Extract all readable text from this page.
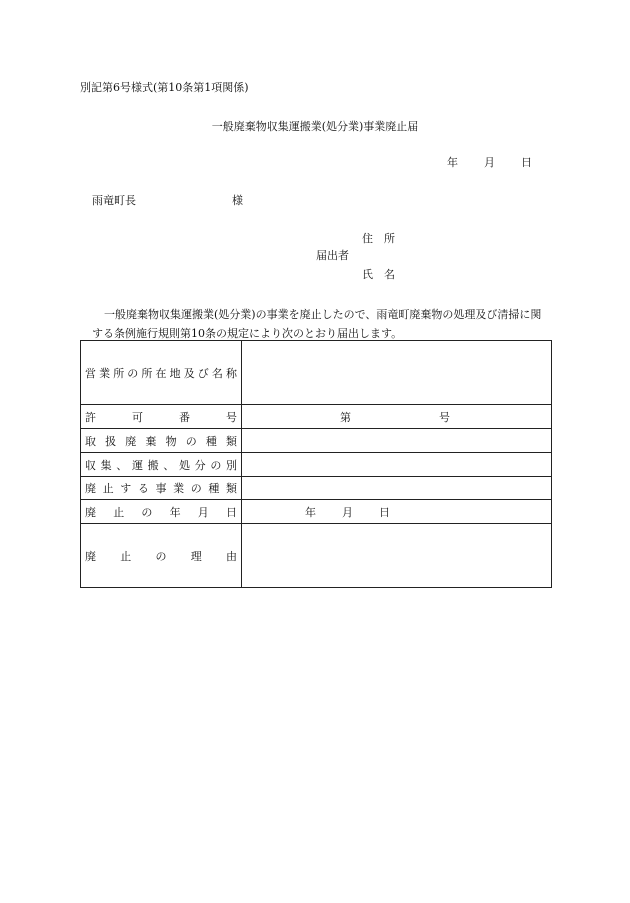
別記第6号様式(第10条第1項関係)
一般廃棄物収集運搬業(処分業)事業廃止届
年 月 日
雨竜町長	様
住　所
届出者
氏　名
一般廃棄物収集運搬業(処分業)の事業を廃止したので、雨竜町廃棄物の処理及び清掃に関する条例施行規則第10条の規定により次のとおり届出します。
営業所の所在地及び名称	
許可番号	第 号
取扱廃棄物の種類	
収集、運搬、処分の別	
廃止する事業の種類	
廃止の年月日	年 月 日
廃止の理由	
